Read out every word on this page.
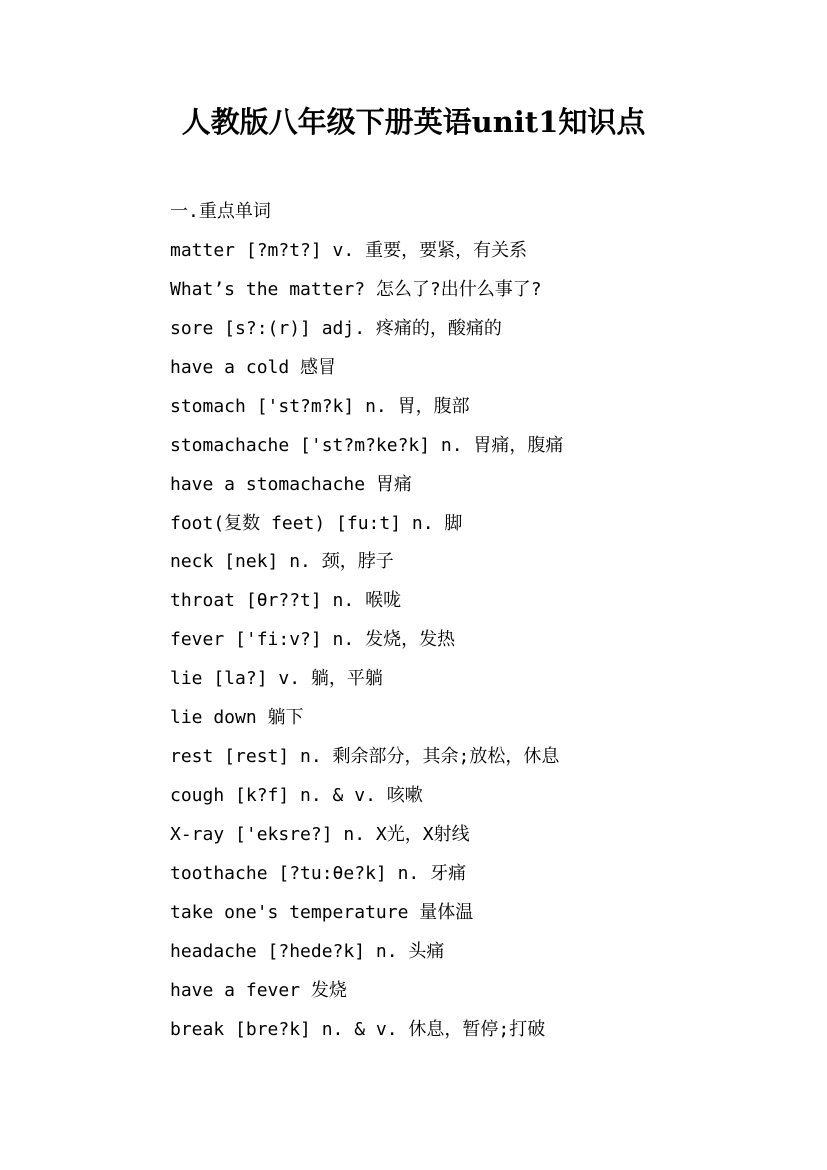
人教版八年级下册英语unit1知识点
一.重点单词
matter [?m?t?] v. 重要，要紧，有关系
What’s the matter? 怎么了?出什么事了?
sore [s?:(r)] adj. 疼痛的，酸痛的
have a cold 感冒
stomach ['st?m?k] n. 胃，腹部
stomachache ['st?m?ke?k] n. 胃痛，腹痛
have a stomachache 胃痛
foot(复数 feet) [fu:t] n. 脚
neck [nek] n. 颈，脖子
throat [θr??t] n. 喉咙
fever ['fi:v?] n. 发烧，发热
lie [la?] v. 躺，平躺
lie down 躺下
rest [rest] n. 剩余部分，其余;放松，休息
cough [k?f] n. & v. 咳嗽
X-ray ['eksre?] n. X光，X射线
toothache [?tu:θe?k] n. 牙痛
take one's temperature 量体温
headache [?hede?k] n. 头痛
have a fever 发烧
break [bre?k] n. & v. 休息，暂停;打破
